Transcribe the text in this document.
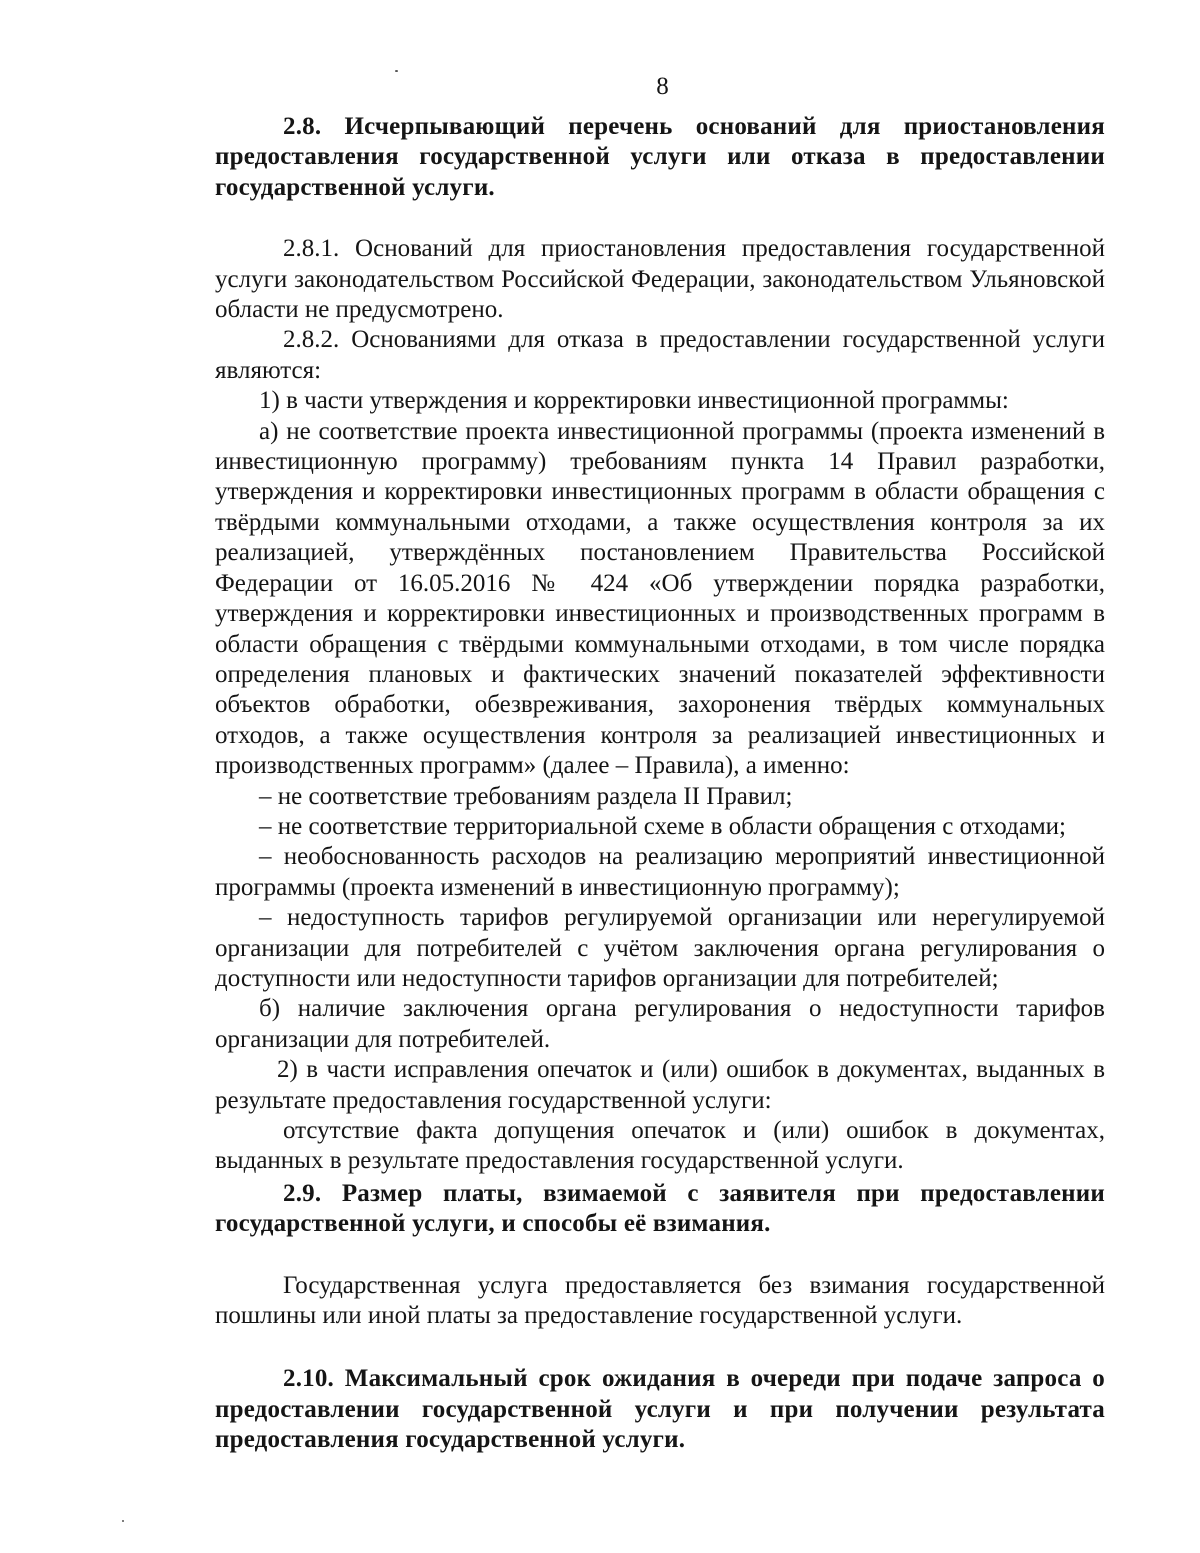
8

2.8. Исчерпывающий перечень оснований для приостановления предоставления государственной услуги или отказа в предоставлении государственной услуги.

2.8.1. Оснований для приостановления предоставления государственной услуги законодательством Российской Федерации, законодательством Ульяновской области не предусмотрено.

2.8.2. Основаниями для отказа в предоставлении государственной услуги являются:

1) в части утверждения и корректировки инвестиционной программы:

а) не соответствие проекта инвестиционной программы (проекта изменений в инвестиционную программу) требованиям пункта 14 Правил разработки, утверждения и корректировки инвестиционных программ в области обращения с твёрдыми коммунальными отходами, а также осуществления контроля за их реализацией, утверждённых постановлением Правительства Российской Федерации от 16.05.2016 № 424 «Об утверждении порядка разработки, утверждения и корректировки инвестиционных и производственных программ в области обращения с твёрдыми коммунальными отходами, в том числе порядка определения плановых и фактических значений показателей эффективности объектов обработки, обезвреживания, захоронения твёрдых коммунальных отходов, а также осуществления контроля за реализацией инвестиционных и производственных программ» (далее – Правила), а именно:

– не соответствие требованиям раздела II Правил;

– не соответствие территориальной схеме в области обращения с отходами;

– необоснованность расходов на реализацию мероприятий инвестиционной программы (проекта изменений в инвестиционную программу);

– недоступность тарифов регулируемой организации или нерегулируемой организации для потребителей с учётом заключения органа регулирования о доступности или недоступности тарифов организации для потребителей;

б) наличие заключения органа регулирования о недоступности тарифов организации для потребителей.

2) в части исправления опечаток и (или) ошибок в документах, выданных в результате предоставления государственной услуги:

отсутствие факта допущения опечаток и (или) ошибок в документах, выданных в результате предоставления государственной услуги.

2.9. Размер платы, взимаемой с заявителя при предоставлении государственной услуги, и способы её взимания.

Государственная услуга предоставляется без взимания государственной пошлины или иной платы за предоставление государственной услуги.

2.10. Максимальный срок ожидания в очереди при подаче запроса о предоставлении государственной услуги и при получении результата предоставления государственной услуги.
